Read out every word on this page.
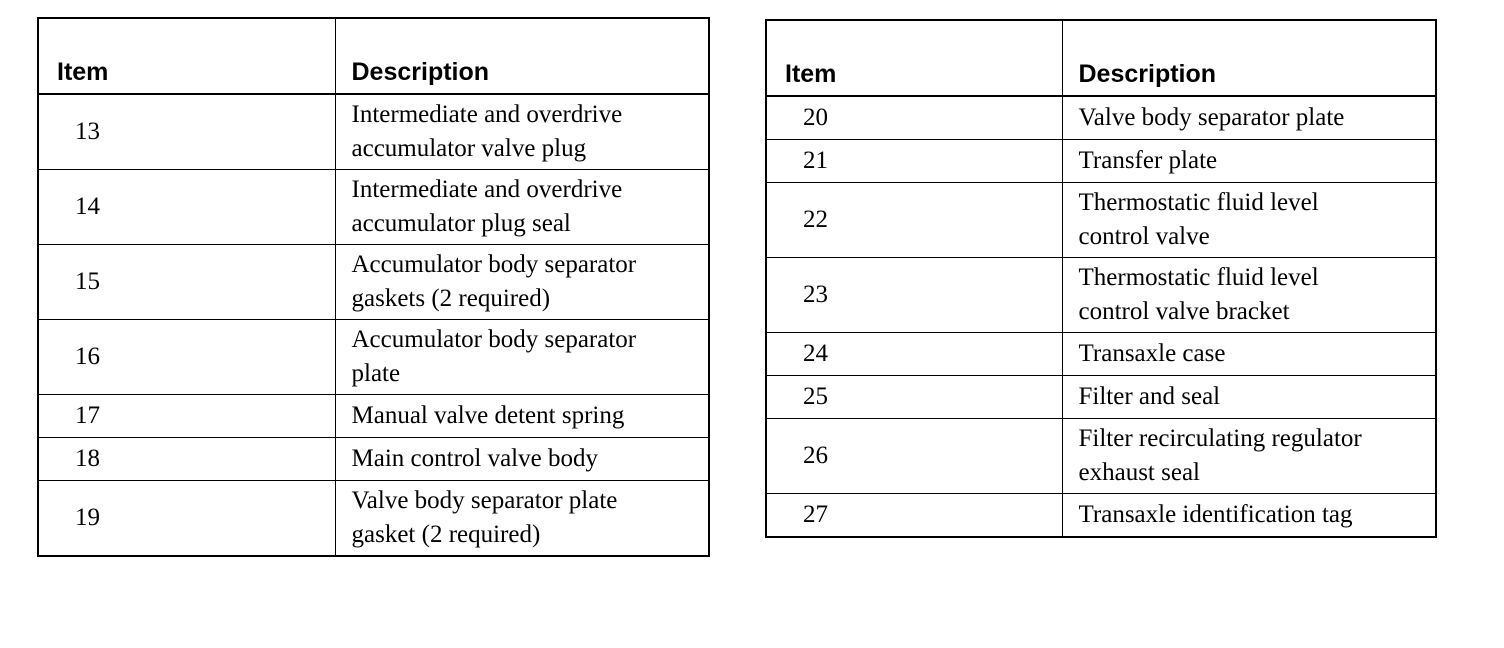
Item	Description
13	Intermediate and overdrive
accumulator valve plug

14	Intermediate and overdrive
accumulator plug seal

15	Accumulator body separator
gaskets (2 required)

16	Accumulator body separator
plate

17	Manual valve detent spring

18	Main control valve body

19	Valve body separator plate
gasket (2 required)
Item	Description
20	Valve body separator plate

21	Transfer plate

22	Thermostatic fluid level
control valve

23	Thermostatic fluid level
control valve bracket

24	Transaxle case

25	Filter and seal

26	Filter recirculating regulator
exhaust seal

27	Transaxle identification tag
